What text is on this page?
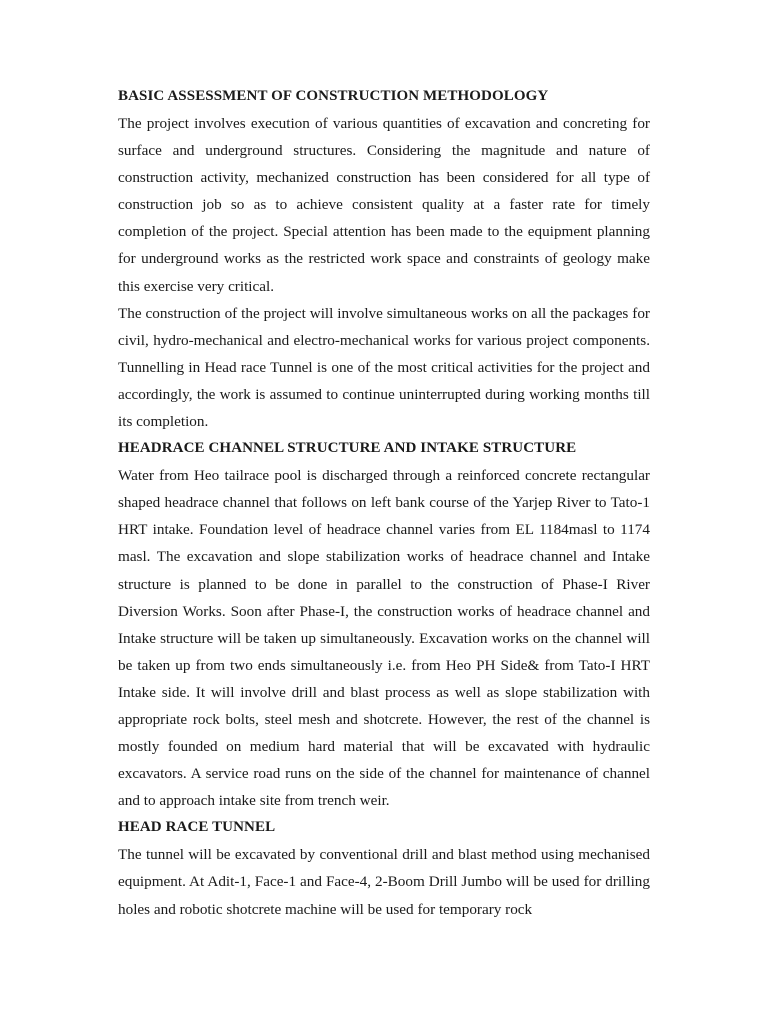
BASIC ASSESSMENT OF CONSTRUCTION METHODOLOGY

The project involves execution of various quantities of excavation and concreting for surface and underground structures. Considering the magnitude and nature of construction activity, mechanized construction has been considered for all type of construction job so as to achieve consistent quality at a faster rate for timely completion of the project. Special attention has been made to the equipment planning for underground works as the restricted work space and constraints of geology make this exercise very critical.

The construction of the project will involve simultaneous works on all the packages for civil, hydro-mechanical and electro-mechanical works for various project components. Tunnelling in Head race Tunnel is one of the most critical activities for the project and accordingly, the work is assumed to continue uninterrupted during working months till its completion.

HEADRACE CHANNEL STRUCTURE AND INTAKE STRUCTURE

Water from Heo tailrace pool is discharged through a reinforced concrete rectangular shaped headrace channel that follows on left bank course of the Yarjep River to Tato-1 HRT intake. Foundation level of headrace channel varies from EL 1184masl to 1174 masl. The excavation and slope stabilization works of headrace channel and Intake structure is planned to be done in parallel to the construction of Phase-I River Diversion Works. Soon after Phase-I, the construction works of headrace channel and Intake structure will be taken up simultaneously. Excavation works on the channel will be taken up from two ends simultaneously i.e. from Heo PH Side& from Tato-I HRT Intake side. It will involve drill and blast process as well as slope stabilization with appropriate rock bolts, steel mesh and shotcrete. However, the rest of the channel is mostly founded on medium hard material that will be excavated with hydraulic excavators. A service road runs on the side of the channel for maintenance of channel and to approach intake site from trench weir.

HEAD RACE TUNNEL

The tunnel will be excavated by conventional drill and blast method using mechanised equipment. At Adit-1, Face-1 and Face-4, 2-Boom Drill Jumbo will be used for drilling holes and robotic shotcrete machine will be used for temporary rock
